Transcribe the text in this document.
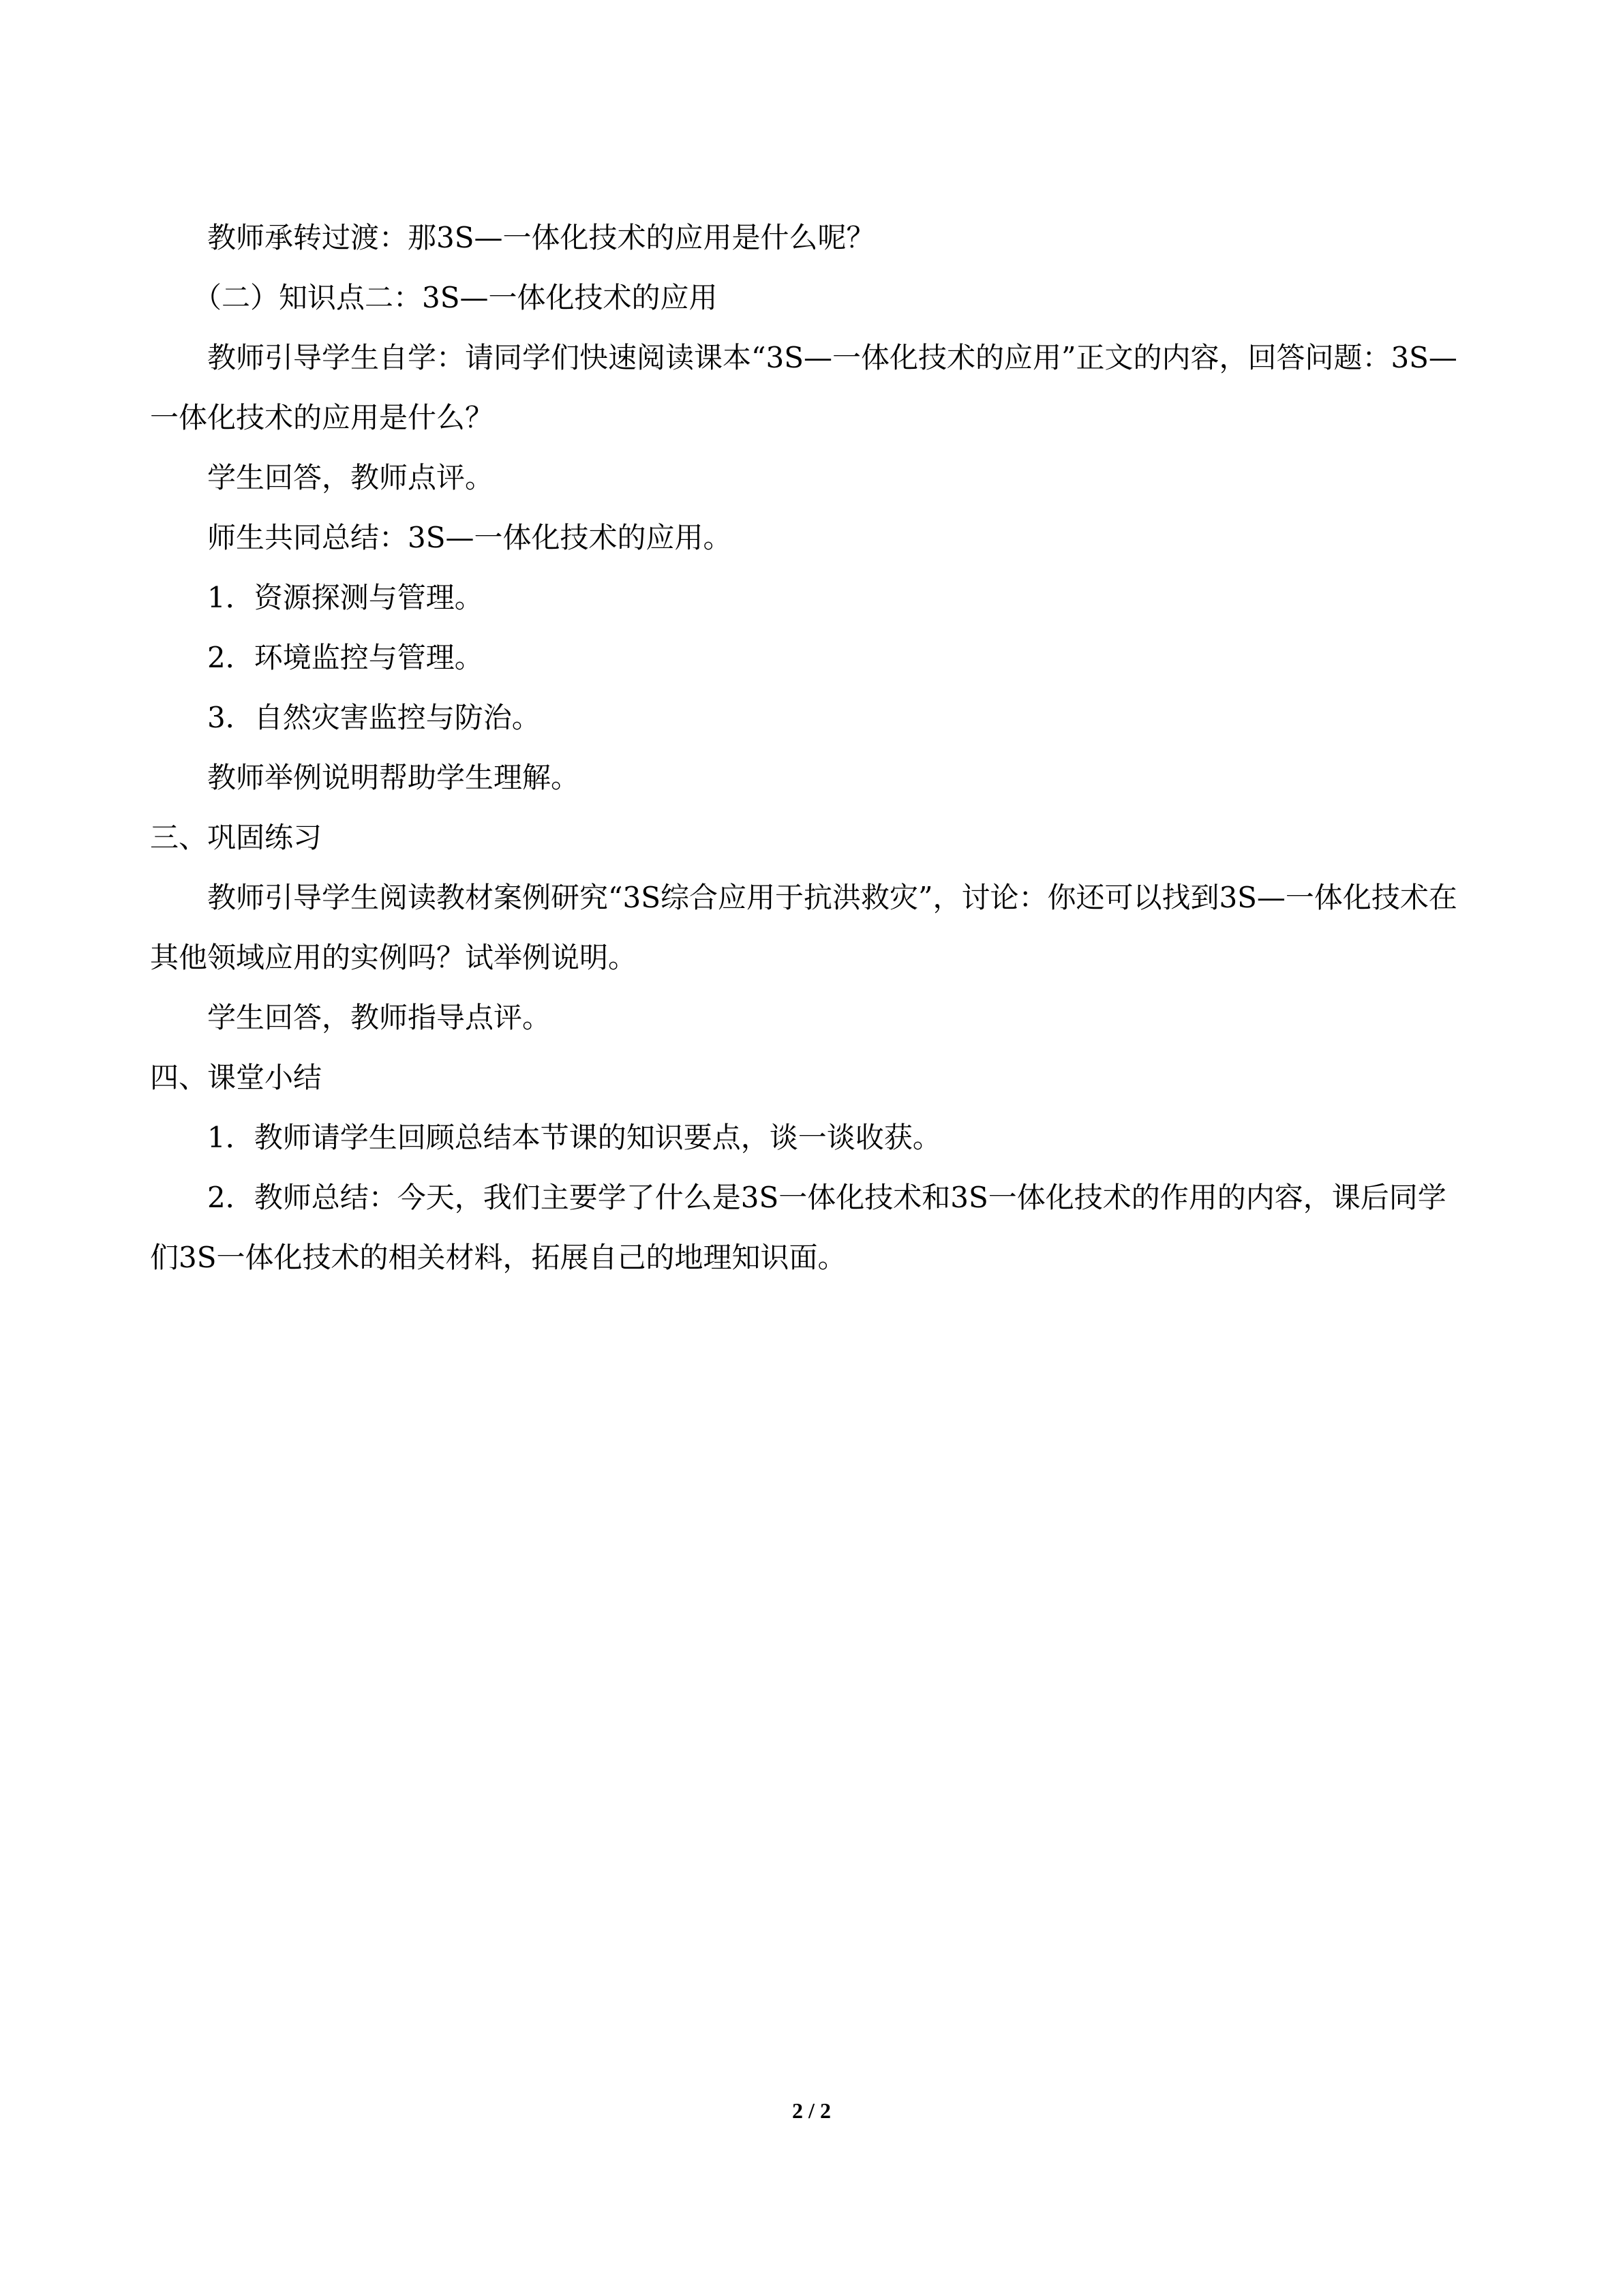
教师承转过渡：那3S—一体化技术的应用是什么呢？

（二）知识点二：3S—一体化技术的应用

教师引导学生自学：请同学们快速阅读课本“3S—一体化技术的应用”正文的内容，回答问题：3S—一体化技术的应用是什么？

学生回答，教师点评。

师生共同总结：3S—一体化技术的应用。

1．资源探测与管理。

2．环境监控与管理。

3．自然灾害监控与防治。

教师举例说明帮助学生理解。

三、巩固练习

教师引导学生阅读教材案例研究“3S综合应用于抗洪救灾”，讨论：你还可以找到3S—一体化技术在其他领域应用的实例吗？试举例说明。

学生回答，教师指导点评。

四、课堂小结

1．教师请学生回顾总结本节课的知识要点，谈一谈收获。

2．教师总结：今天，我们主要学了什么是3S一体化技术和3S一体化技术的作用的内容，课后同学们3S一体化技术的相关材料，拓展自己的地理知识面。

2 / 2
